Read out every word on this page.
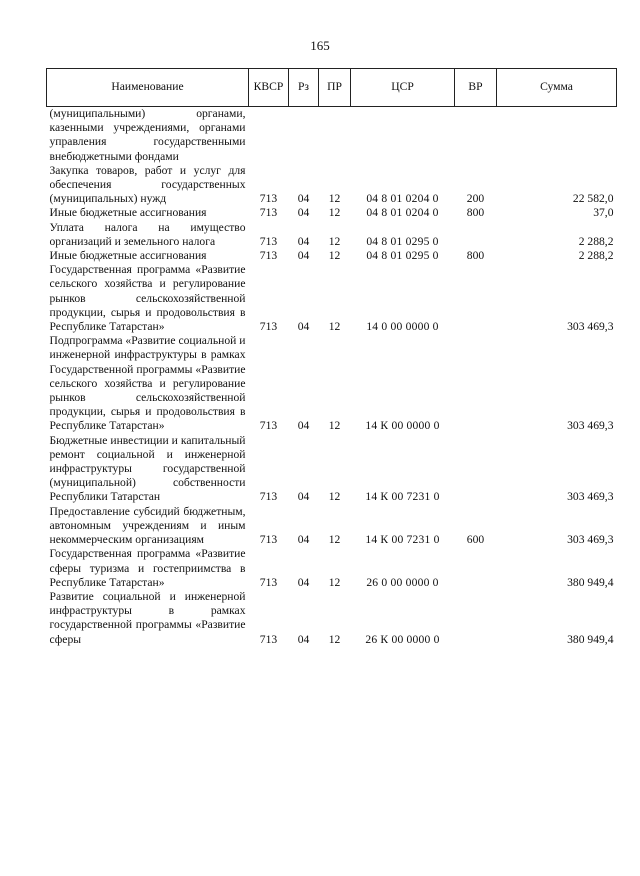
165
Наименование	КВСР	Рз	ПР	ЦСР	ВР	Сумма
(муниципальными) органами, казенными учреждениями, органами управления государственными внебюджетными фондами						
Закупка товаров, работ и услуг для обеспечения государственных (муниципальных) нужд	713	04	12	04 8 01 0204 0	200	22 582,0
Иные бюджетные ассигнования	713	04	12	04 8 01 0204 0	800	37,0
Уплата налога на имущество организаций и земельного налога	713	04	12	04 8 01 0295 0		2 288,2
Иные бюджетные ассигнования	713	04	12	04 8 01 0295 0	800	2 288,2
Государственная программа «Развитие сельского хозяйства и регулирование рынков сельскохозяйственной продукции, сырья и продовольствия в Республике Татарстан»	713	04	12	14 0 00 0000 0		303 469,3
Подпрограмма «Развитие социальной и инженерной инфраструктуры в рамках Государственной программы «Развитие сельского хозяйства и регулирование рынков сельскохозяйственной продукции, сырья и продовольствия в Республике Татарстан»	713	04	12	14 К 00 0000 0		303 469,3
Бюджетные инвестиции и капитальный ремонт социальной и инженерной инфраструктуры государственной (муниципальной) собственности Республики Татарстан	713	04	12	14 К 00 7231 0		303 469,3
Предоставление субсидий бюджетным, автономным учреждениям и иным некоммерческим организациям	713	04	12	14 К 00 7231 0	600	303 469,3
Государственная программа «Развитие сферы туризма и гостеприимства в Республике Татарстан»	713	04	12	26 0 00 0000 0		380 949,4
Развитие социальной и инженерной инфраструктуры в рамках государственной программы «Развитие сферы	713	04	12	26 К 00 0000 0		380 949,4
